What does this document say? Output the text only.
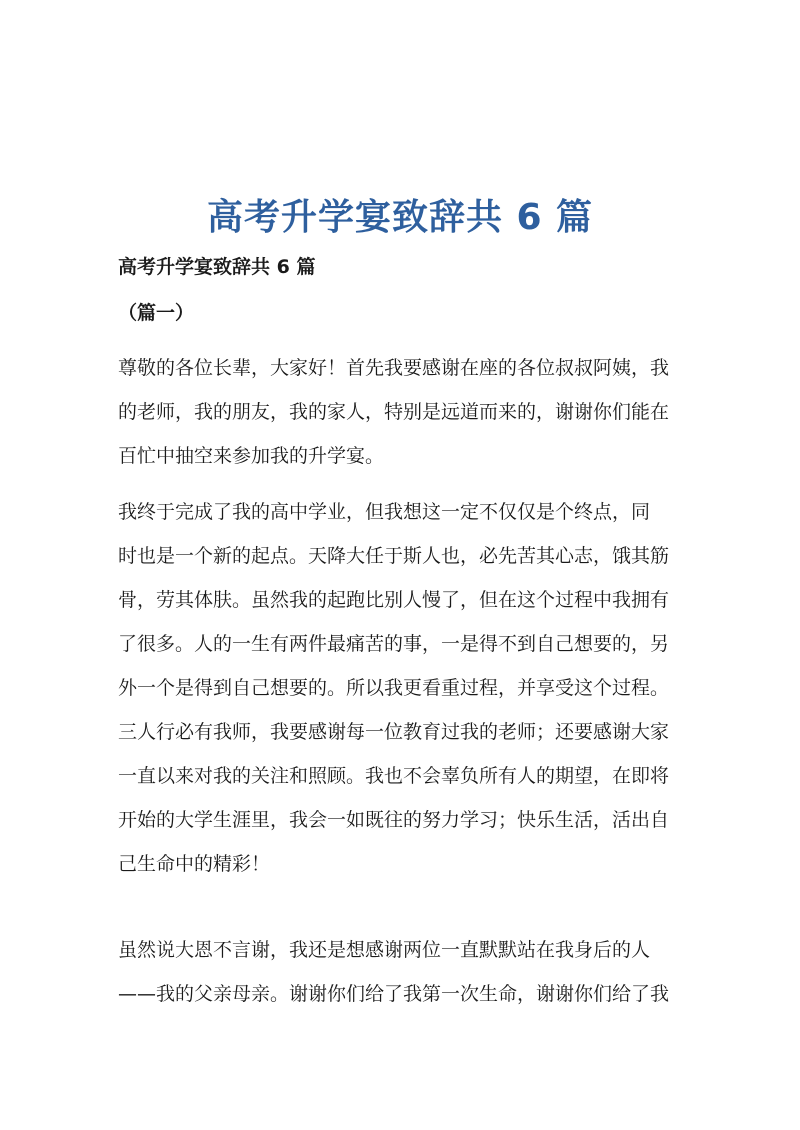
高考升学宴致辞共 6 篇
高考升学宴致辞共 6 篇
（篇一）
尊敬的各位长辈，大家好！首先我要感谢在座的各位叔叔阿姨，我
的老师，我的朋友，我的家人，特别是远道而来的，谢谢你们能在
百忙中抽空来参加我的升学宴。
我终于完成了我的高中学业，但我想这一定不仅仅是个终点，同
时也是一个新的起点。天降大任于斯人也，必先苦其心志，饿其筋
骨，劳其体肤。虽然我的起跑比别人慢了，但在这个过程中我拥有
了很多。人的一生有两件最痛苦的事，一是得不到自己想要的，另
外一个是得到自己想要的。所以我更看重过程，并享受这个过程。
三人行必有我师，我要感谢每一位教育过我的老师；还要感谢大家
一直以来对我的关注和照顾。我也不会辜负所有人的期望，在即将
开始的大学生涯里，我会一如既往的努力学习；快乐生活，活出自
己生命中的精彩！
虽然说大恩不言谢，我还是想感谢两位一直默默站在我身后的人
——我的父亲母亲。谢谢你们给了我第一次生命，谢谢你们给了我
